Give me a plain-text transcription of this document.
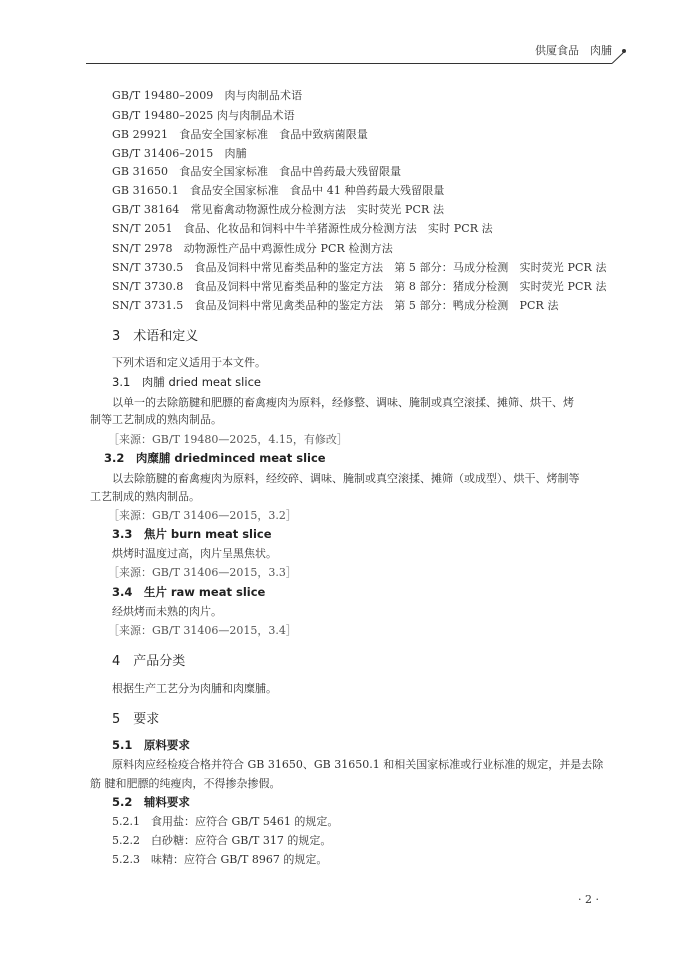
供厦食品　肉脯
GB/T 19480–2009　肉与肉制品术语
GB/T 19480–2025 肉与肉制品术语
GB 29921　食品安全国家标准　食品中致病菌限量
GB/T 31406–2015　肉脯
GB 31650　食品安全国家标准　食品中兽药最大残留限量
GB 31650.1　食品安全国家标准　食品中 41 种兽药最大残留限量
GB/T 38164　常见畜禽动物源性成分检测方法　实时荧光 PCR 法
SN/T 2051　食品、化妆品和饲料中牛羊猪源性成分检测方法　实时 PCR 法
SN/T 2978　动物源性产品中鸡源性成分 PCR 检测方法
SN/T 3730.5　食品及饲料中常见畜类品种的鉴定方法　第 5 部分：马成分检测　实时荧光 PCR 法
SN/T 3730.8　食品及饲料中常见畜类品种的鉴定方法　第 8 部分：猪成分检测　实时荧光 PCR 法
SN/T 3731.5　食品及饲料中常见禽类品种的鉴定方法　第 5 部分：鸭成分检测　PCR 法
3　术语和定义
下列术语和定义适用于本文件。
3.1　肉脯 dried meat slice
以单一的去除筋腱和肥膘的畜禽瘦肉为原料，经修整、调味、腌制或真空滚揉、摊筛、烘干、烤
制等工艺制成的熟肉制品。
［来源：GB/T 19480—2025，4.15，有修改］
3.2　肉糜脯 driedminced meat slice
以去除筋腱的畜禽瘦肉为原料，经绞碎、调味、腌制或真空滚揉、摊筛（或成型）、烘干、烤制等
工艺制成的熟肉制品。
［来源：GB/T 31406—2015，3.2］
3.3　焦片 burn meat slice
烘烤时温度过高，肉片呈黑焦状。
［来源：GB/T 31406—2015，3.3］
3.4　生片 raw meat slice
经烘烤而未熟的肉片。
［来源：GB/T 31406—2015，3.4］
4　产品分类
根据生产工艺分为肉脯和肉糜脯。
5　要求
5.1　原料要求
原料肉应经检疫合格并符合 GB 31650、GB 31650.1 和相关国家标准或行业标准的规定，并是去除
筋 腱和肥膘的纯瘦肉，不得掺杂掺假。
5.2　辅料要求
5.2.1　食用盐：应符合 GB/T 5461 的规定。
5.2.2　白砂糖：应符合 GB/T 317 的规定。
5.2.3　味精：应符合 GB/T 8967 的规定。
· 2 ·
